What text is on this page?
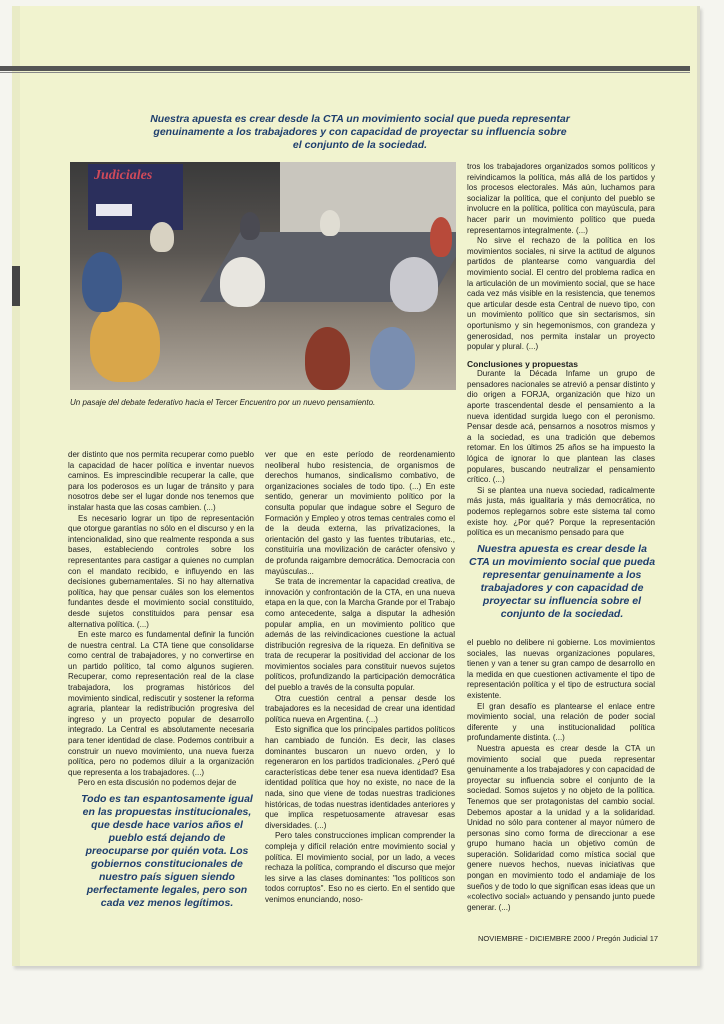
Nuestra apuesta es crear desde la CTA un movimiento social que pueda representar genuinamente a los trabajadores y con capacidad de proyectar su influencia sobre el conjunto de la sociedad.
Judiciales
Un pasaje del debate federativo hacia el Tercer Encuentro por un nuevo pensamiento.

der distinto que nos permita recuperar como pueblo la capacidad de hacer política e inventar nuevos caminos. Es imprescindible recuperar la calle, que para los poderosos es un lugar de tránsito y para nosotros debe ser el lugar donde nos tenemos que instalar hasta que las cosas cambien. (...)

Es necesario lograr un tipo de representación que otorgue garantías no sólo en el discurso y en la intencionalidad, sino que realmente responda a sus bases, estableciendo controles sobre los representantes para castigar a quienes no cumplan con el mandato recibido, e influyendo en las decisiones gubernamentales. Si no hay alternativa política, hay que pensar cuáles son los elementos fundantes desde el movimiento social constituido, desde sujetos constituidos para pensar esa alternativa política. (...)

En este marco es fundamental definir la función de nuestra central. La CTA tiene que consolidarse como central de trabajadores, y no convertirse en un partido político, tal como algunos sugieren. Recuperar, como representación real de la clase trabajadora, los programas históricos del movimiento sindical, rediscutir y sostener la reforma agraria, plantear la redistribución progresiva del ingreso y un proyecto popular de desarrollo integrado. La Central es absolutamente necesaria para tener identidad de clase. Podemos contribuir a construir un nuevo movimiento, una nueva fuerza política, pero no podemos diluir a la organización que representa a los trabajadores. (...)

Pero en esta discusión no podemos dejar de

Todo es tan espantosamente igual en las propuestas institucionales, que desde hace varios años el pueblo está dejando de preocuparse por quién vota. Los gobiernos constitucionales de nuestro país siguen siendo perfectamente legales, pero son cada vez menos legítimos.

ver que en este período de reordenamiento neoliberal hubo resistencia, de organismos de derechos humanos, sindicalismo combativo, de organizaciones sociales de todo tipo. (...) En este sentido, generar un movimiento político por la consulta popular que indague sobre el Seguro de Formación y Empleo y otros temas centrales como el de la deuda externa, las privatizaciones, la orientación del gasto y las fuentes tributarias, etc., constituiría una movilización de carácter ofensivo y de profunda raigambre democrática. Democracia con mayúsculas...

Se trata de incrementar la capacidad creativa, de innovación y confrontación de la CTA, en una nueva etapa en la que, con la Marcha Grande por el Trabajo como antecedente, salga a disputar la adhesión popular amplia, en un movimiento político que además de las reivindicaciones cuestione la actual distribución regresiva de la riqueza. En definitiva se trata de recuperar la positividad del accionar de los movimientos sociales para constituir nuevos sujetos políticos, profundizando la participación democrática del pueblo a través de la consulta popular.

Otra cuestión central a pensar desde los trabajadores es la necesidad de crear una identidad política nueva en Argentina. (...)

Esto significa que los principales partidos políticos han cambiado de función. Es decir, las clases dominantes buscaron un nuevo orden, y lo regeneraron en los partidos tradicionales. ¿Peró qué características debe tener esa nueva identidad? Esa identidad política que hoy no existe, no nace de la nada, sino que viene de todas nuestras tradiciones históricas, de todas nuestras identidades anteriores y que implica respetuosamente atravesar esas diversidades. (...)

Pero tales construcciones implican comprender la compleja y difícil relación entre movimiento social y política. El movimiento social, por un lado, a veces rechaza la política, comprando el discurso que mejor les sirve a las clases dominantes: "los políticos son todos corruptos". Eso no es cierto. En el sentido que venimos enunciando, noso-

tros los trabajadores organizados somos políticos y reivindicamos la política, más allá de los partidos y los procesos electorales. Más aún, luchamos para socializar la política, que el conjunto del pueblo se involucre en la política, política con mayúscula, para hacer parir un movimiento político que pueda representarnos integralmente. (...)

No sirve el rechazo de la política en los movimientos sociales, ni sirve la actitud de algunos partidos de plantearse como vanguardia del movimiento social. El centro del problema radica en la articulación de un movimiento social, que se hace cada vez más visible en la resistencia, que tenemos que articular desde esta Central de nuevo tipo, con un movimiento político que sin sectarismos, sin oportunismo y sin hegemonismos, con grandeza y generosidad, nos permita instalar un proyecto popular y plural. (...)

Conclusiones y propuestas

Durante la Década Infame un grupo de pensadores nacionales se atrevió a pensar distinto y dio origen a FORJA, organización que hizo un aporte trascendental desde el pensamiento a la nueva identidad surgida luego con el peronismo. Pensar desde acá, pensarnos a nosotros mismos y a la sociedad, es una tradición que debemos retomar. En los últimos 25 años se ha impuesto la lógica de ignorar lo que plantean las clases populares, buscando neutralizar el pensamiento crítico. (...)

Si se plantea una nueva sociedad, radicalmente más justa, más igualitaria y más democrática, no podemos replegarnos sobre este sistema tal como existe hoy. ¿Por qué? Porque la representación política es un mecanismo pensado para que

Nuestra apuesta es crear desde la CTA un movimiento social que pueda representar genuinamente a los trabajadores y con capacidad de proyectar su influencia sobre el conjunto de la sociedad.

el pueblo no delibere ni gobierne. Los movimientos sociales, las nuevas organizaciones populares, tienen y van a tener su gran campo de desarrollo en la medida en que cuestionen activamente el tipo de representación política y el tipo de estructura social existente.

El gran desafío es plantearse el enlace entre movimiento social, una relación de poder social diferente y una institucionalidad política profundamente distinta. (...)

Nuestra apuesta es crear desde la CTA un movimiento social que pueda representar genuinamente a los trabajadores y con capacidad de proyectar su influencia sobre el conjunto de la sociedad. Somos sujetos y no objeto de la política. Tenemos que ser protagonistas del cambio social. Debemos apostar a la unidad y a la solidaridad. Unidad no sólo para contener al mayor número de personas sino como forma de direccionar a ese grupo humano hacia un objetivo común de superación. Solidaridad como mística social que genere nuevos hechos, nuevas iniciativas que pongan en movimiento todo el andamiaje de los sueños y de todo lo que significan esas ideas que un «colectivo social» actuando y pensando junto puede generar. (...)

NOVIEMBRE - DICIEMBRE 2000 / Pregón Judicial 17
